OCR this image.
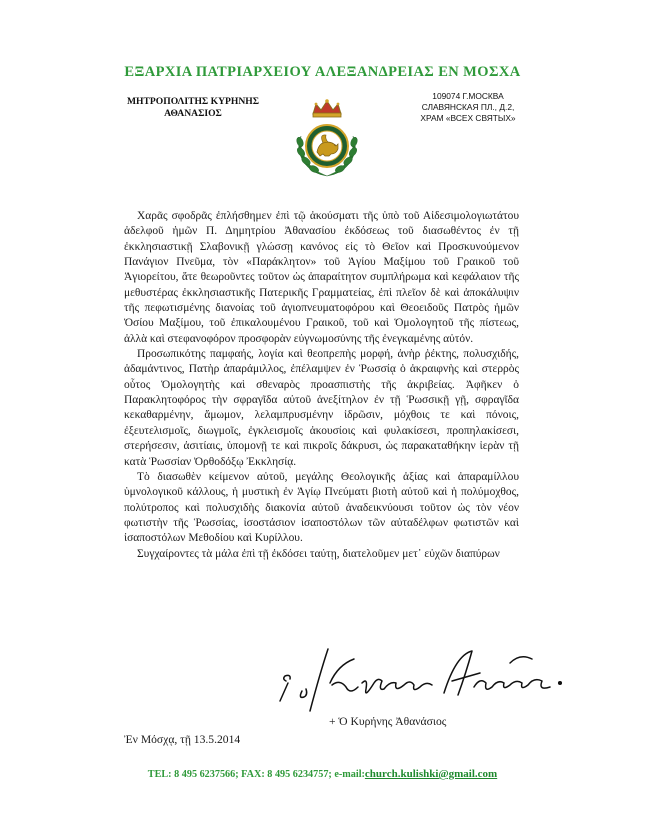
ΕΞΑΡΧΙΑ ΠΑΤΡΙΑΡΧΕΙΟΥ ΑΛΕΞΑΝΔΡΕΙΑΣ ΕΝ ΜΟΣΧΑ
ΜΗΤΡΟΠΟΛΙΤΗΣ ΚΥΡΗΝΗΣ
ΑΘΑΝΑΣΙΟΣ
109074 Г.МОСКВА
СЛАВЯНСКАЯ ПЛ., Д.2,
ХРАМ «ВСЕХ СВЯТЫХ»

Χαρᾶς σφοδρᾶς ἐπλήσθημεν ἐπὶ τῷ ἀκούσματι τῆς ὑπὸ τοῦ Αἰδεσιμολογιωτάτου ἀδελφοῦ ἡμῶν Π. Δημητρίου Ἀθανασίου ἐκδόσεως τοῦ διασωθέντος ἐν τῇ ἐκκλησιαστικῇ Σλαβονικῇ γλώσσῃ κανόνος εἰς τὸ Θεῖον καὶ Προσκυνούμενον Πανάγιον Πνεῦμα, τὸν «Παράκλητον» τοῦ Ἁγίου Μαξίμου τοῦ Γραικοῦ τοῦ Ἁγιορείτου, ἅτε θεωροῦντες τοῦτον ὡς ἀπαραίτητον συμπλήρωμα καὶ κεφάλαιον τῆς μεθυστέρας ἐκκλησιαστικῆς Πατερικῆς Γραμματείας, ἐπὶ πλεῖον δὲ καὶ ἀποκάλυψιν τῆς πεφωτισμένης διανοίας τοῦ ἁγιοπνευματοφόρου καὶ Θεοειδοῦς Πατρὸς ἡμῶν Ὁσίου Μαξίμου, τοῦ ἐπικαλουμένου Γραικοῦ, τοῦ καὶ Ὁμολογητοῦ τῆς πίστεως, ἀλλὰ καὶ στεφανοφόρον προσφορὰν εὐγνωμοσύνης τῆς ἐνεγκαμένης αὐτόν.

Προσωπικότης παμφαής, λογία καὶ θεοπρεπὴς μορφή, ἀνὴρ ῥέκτης, πολυσχιδής, ἀδαμάντινος, Πατὴρ ἀπαράμιλλος, ἐπέλαμψεν ἐν Ῥωσσίᾳ ὁ ἀκραιφνὴς καὶ στερρὸς οὗτος Ὁμολογητὴς καὶ σθεναρὸς προασπιστὴς τῆς ἀκριβείας. Ἀφῆκεν ὁ Παρακλητοφόρος τὴν σφραγῖδα αὐτοῦ ἀνεξίτηλον ἐν τῇ Ῥωσσικῇ γῇ, σφραγῖδα κεκαθαρμένην, ἄμωμον, λελαμπρυσμένην ἱδρῶσιν, μόχθοις τε καὶ πόνοις, ἐξευτελισμοῖς, διωγμοῖς, ἐγκλεισμοῖς ἀκουσίοις καὶ φυλακίσεσι, προπηλακίσεσι, στερήσεσιν, ἀσιτίαις, ὑπομονῇ τε καὶ πικροῖς δάκρυσι, ὡς παρακαταθήκην ἱερὰν τῇ κατὰ Ῥωσσίαν Ὀρθοδόξῳ Ἐκκλησίᾳ.

Τὸ διασωθὲν κείμενον αὐτοῦ, μεγάλης Θεολογικῆς ἀξίας καὶ ἀπαραμίλλου ὑμνολογικοῦ κάλλους, ἡ μυστικὴ ἐν Ἁγίῳ Πνεύματι βιοτὴ αὐτοῦ καὶ ἡ πολύμοχθος, πολύτροπος καὶ πολυσχιδὴς διακονία αὐτοῦ ἀναδεικνύουσι τοῦτον ὡς τὸν νέον φωτιστὴν τῆς Ῥωσσίας, ἰσοστάσιον ἰσαποστόλων τῶν αὐταδέλφων φωτιστῶν καὶ ἰσαποστόλων Μεθοδίου καὶ Κυρίλλου.

Συγχαίροντες τὰ μάλα ἐπὶ τῇ ἐκδόσει ταύτῃ, διατελοῦμεν μετ᾽ εὐχῶν διαπύρων

+ Ὁ Κυρήνης Ἀθανάσιος
Ἐν Μόσχᾳ, τῇ 13.5.2014
TEL: 8 495 6237566; FAX: 8 495 6234757; e-mail:church.kulishki@gmail.com
